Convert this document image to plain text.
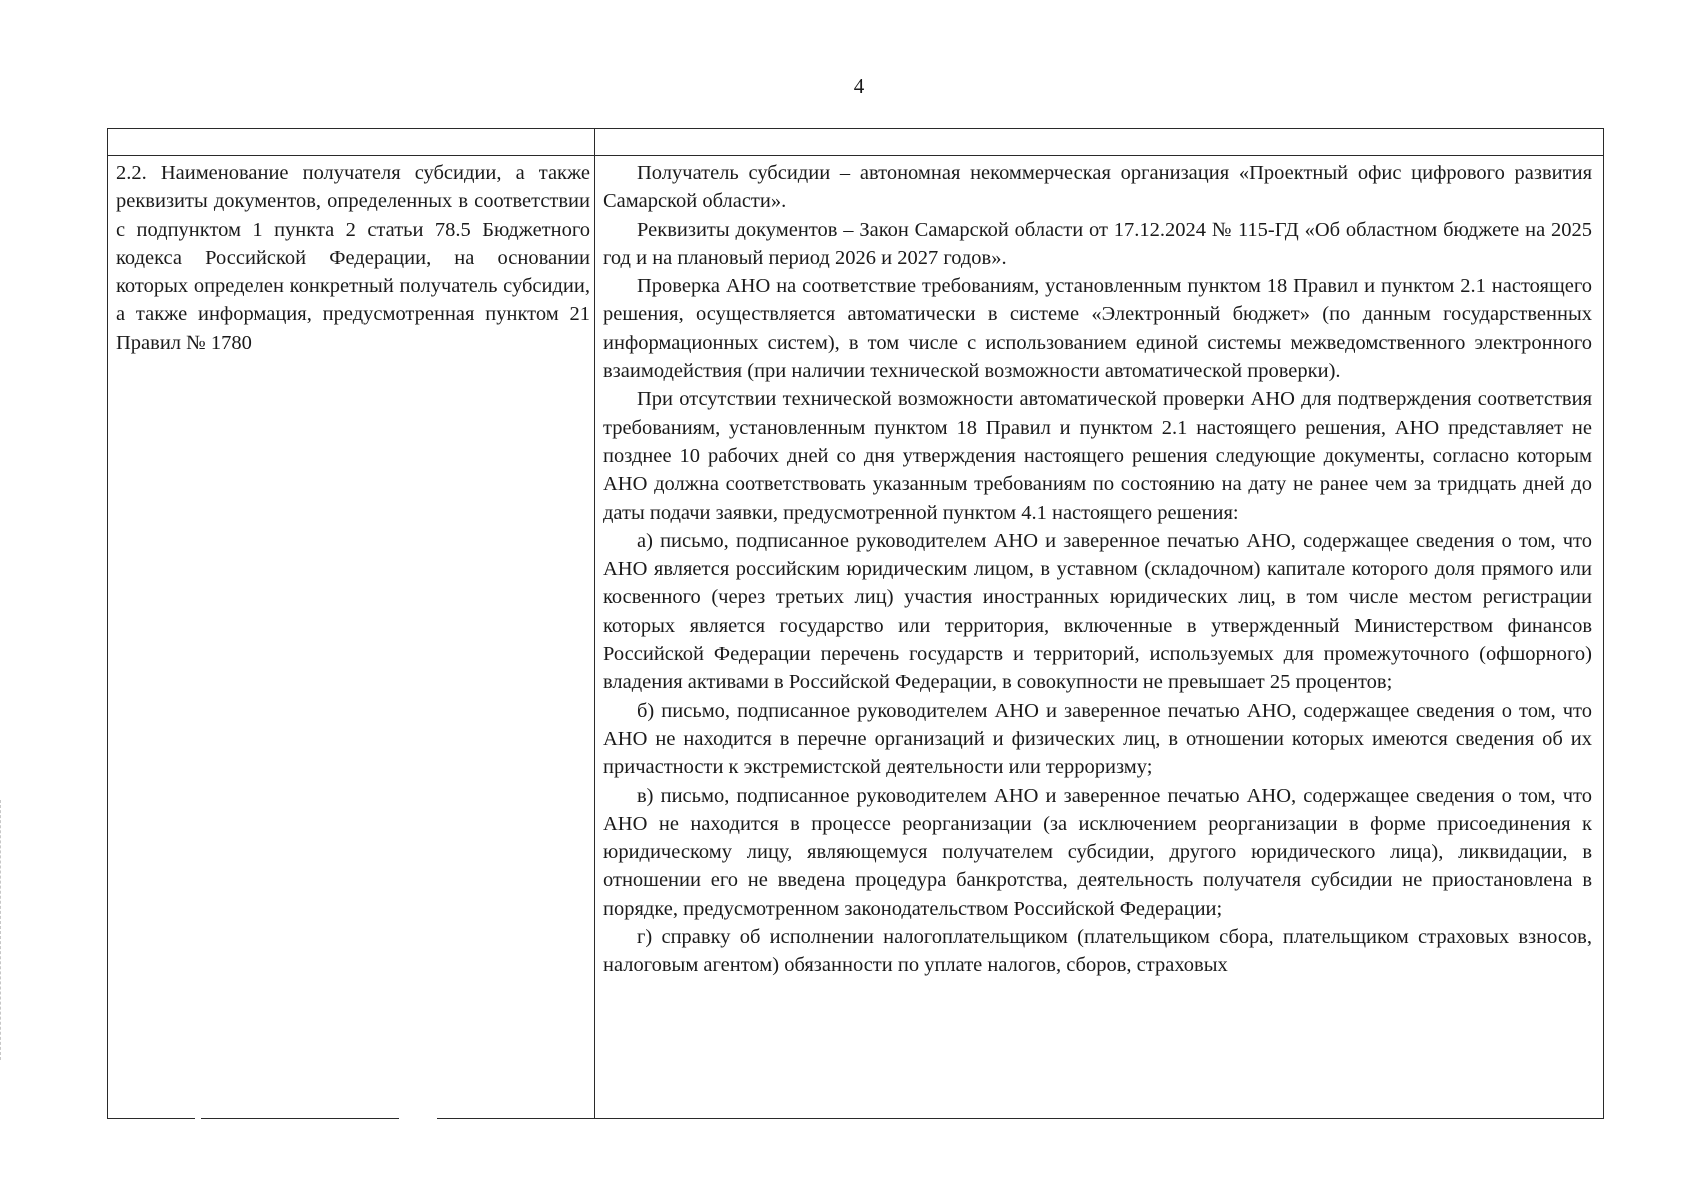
4

2.2. Наименование получателя субсидии, а также реквизиты документов, определенных в соответствии с подпунктом 1 пункта 2 статьи 78.5 Бюджетного кодекса Российской Федерации, на основании которых определен конкретный получатель субсидии, а также информация, предусмотренная пунктом 21 Правил № 1780

Получатель субсидии – автономная некоммерческая организация «Проектный офис цифрового развития Самарской области».

Реквизиты документов – Закон Самарской области от 17.12.2024 № 115-ГД «Об областном бюджете на 2025 год и на плановый период 2026 и 2027 годов».

Проверка АНО на соответствие требованиям, установленным пунктом 18 Правил и пунктом 2.1 настоящего решения, осуществляется автоматически в системе «Электронный бюджет» (по данным государственных информационных систем), в том числе с использованием единой системы межведомственного электронного взаимодействия (при наличии технической возможности автоматической проверки).

При отсутствии технической возможности автоматической проверки АНО для подтверждения соответствия требованиям, установленным пунктом 18 Правил и пунктом 2.1 настоящего решения, АНО представляет не позднее 10 рабочих дней со дня утверждения настоящего решения следующие документы, согласно которым АНО должна соответствовать указанным требованиям по состоянию на дату не ранее чем за тридцать дней до даты подачи заявки, предусмотренной пунктом 4.1 настоящего решения:

а) письмо, подписанное руководителем АНО и заверенное печатью АНО, содержащее сведения о том, что АНО является российским юридическим лицом, в уставном (складочном) капитале которого доля прямого или косвенного (через третьих лиц) участия иностранных юридических лиц, в том числе местом регистрации которых является государство или территория, включенные в утвержденный Министерством финансов Российской Федерации перечень государств и территорий, используемых для промежуточного (офшорного) владения активами в Российской Федерации, в совокупности не превышает 25 процентов;

б) письмо, подписанное руководителем АНО и заверенное печатью АНО, содержащее сведения о том, что АНО не находится в перечне организаций и физических лиц, в отношении которых имеются сведения об их причастности к экстремистской деятельности или терроризму;

в) письмо, подписанное руководителем АНО и заверенное печатью АНО, содержащее сведения о том, что АНО не находится в процессе реорганизации (за исключением реорганизации в форме присоединения к юридическому лицу, являющемуся получателем субсидии, другого юридического лица), ликвидации, в отношении его не введена процедура банкротства, деятельность получателя субсидии не приостановлена в порядке, предусмотренном законодательством Российской Федерации;

г) справку об исполнении налогоплательщиком (плательщиком сбора, плательщиком страховых взносов, налоговым агентом) обязанности по уплате налогов, сборов, страховых
